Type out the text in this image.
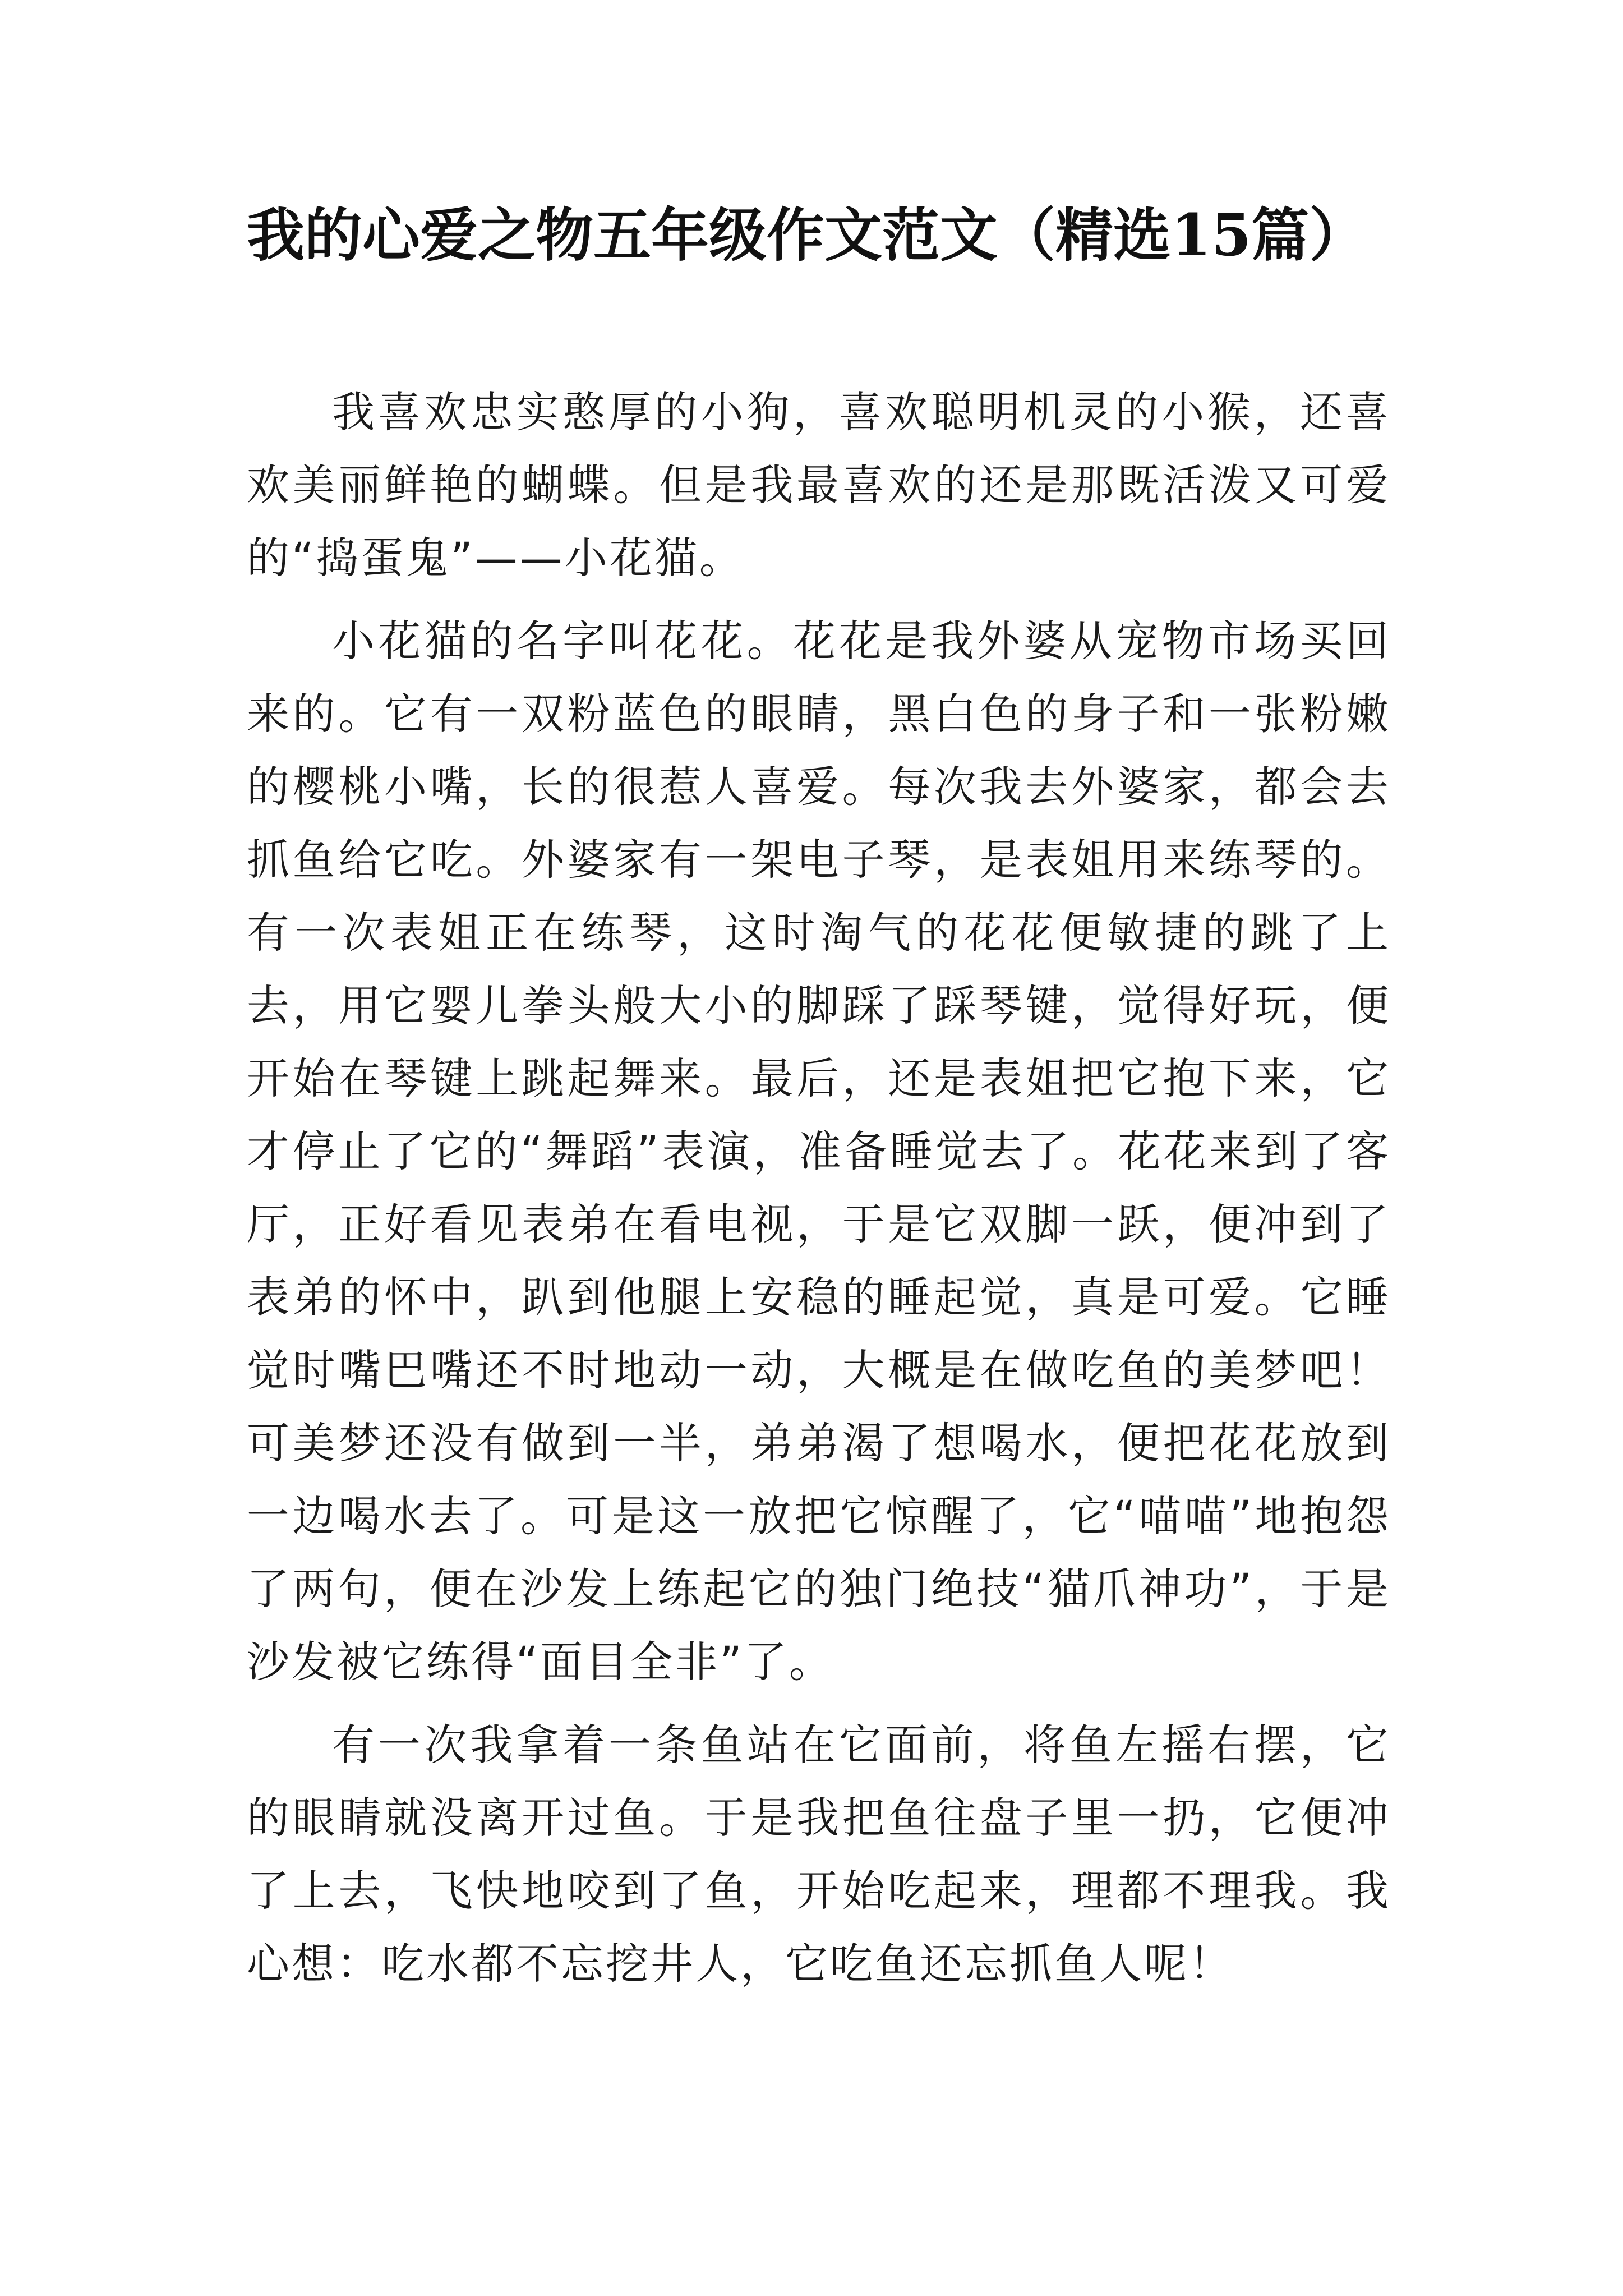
我的心爱之物五年级作文范文（精选15篇）

我喜欢忠实憨厚的小狗，喜欢聪明机灵的小猴，还喜欢美丽鲜艳的蝴蝶。但是我最喜欢的还是那既活泼又可爱的“捣蛋鬼”——小花猫。

小花猫的名字叫花花。花花是我外婆从宠物市场买回来的。它有一双粉蓝色的眼睛，黑白色的身子和一张粉嫩的樱桃小嘴，长的很惹人喜爱。每次我去外婆家，都会去抓鱼给它吃。外婆家有一架电子琴，是表姐用来练琴的。有一次表姐正在练琴，这时淘气的花花便敏捷的跳了上去，用它婴儿拳头般大小的脚踩了踩琴键，觉得好玩，便开始在琴键上跳起舞来。最后，还是表姐把它抱下来，它才停止了它的“舞蹈”表演，准备睡觉去了。花花来到了客厅，正好看见表弟在看电视，于是它双脚一跃，便冲到了表弟的怀中，趴到他腿上安稳的睡起觉，真是可爱。它睡觉时嘴巴嘴还不时地动一动，大概是在做吃鱼的美梦吧！可美梦还没有做到一半，弟弟渴了想喝水，便把花花放到一边喝水去了。可是这一放把它惊醒了，它“喵喵”地抱怨了两句，便在沙发上练起它的独门绝技“猫爪神功”，于是沙发被它练得“面目全非”了。

有一次我拿着一条鱼站在它面前，将鱼左摇右摆，它的眼睛就没离开过鱼。于是我把鱼往盘子里一扔，它便冲了上去，飞快地咬到了鱼，开始吃起来，理都不理我。我心想：吃水都不忘挖井人，它吃鱼还忘抓鱼人呢！
